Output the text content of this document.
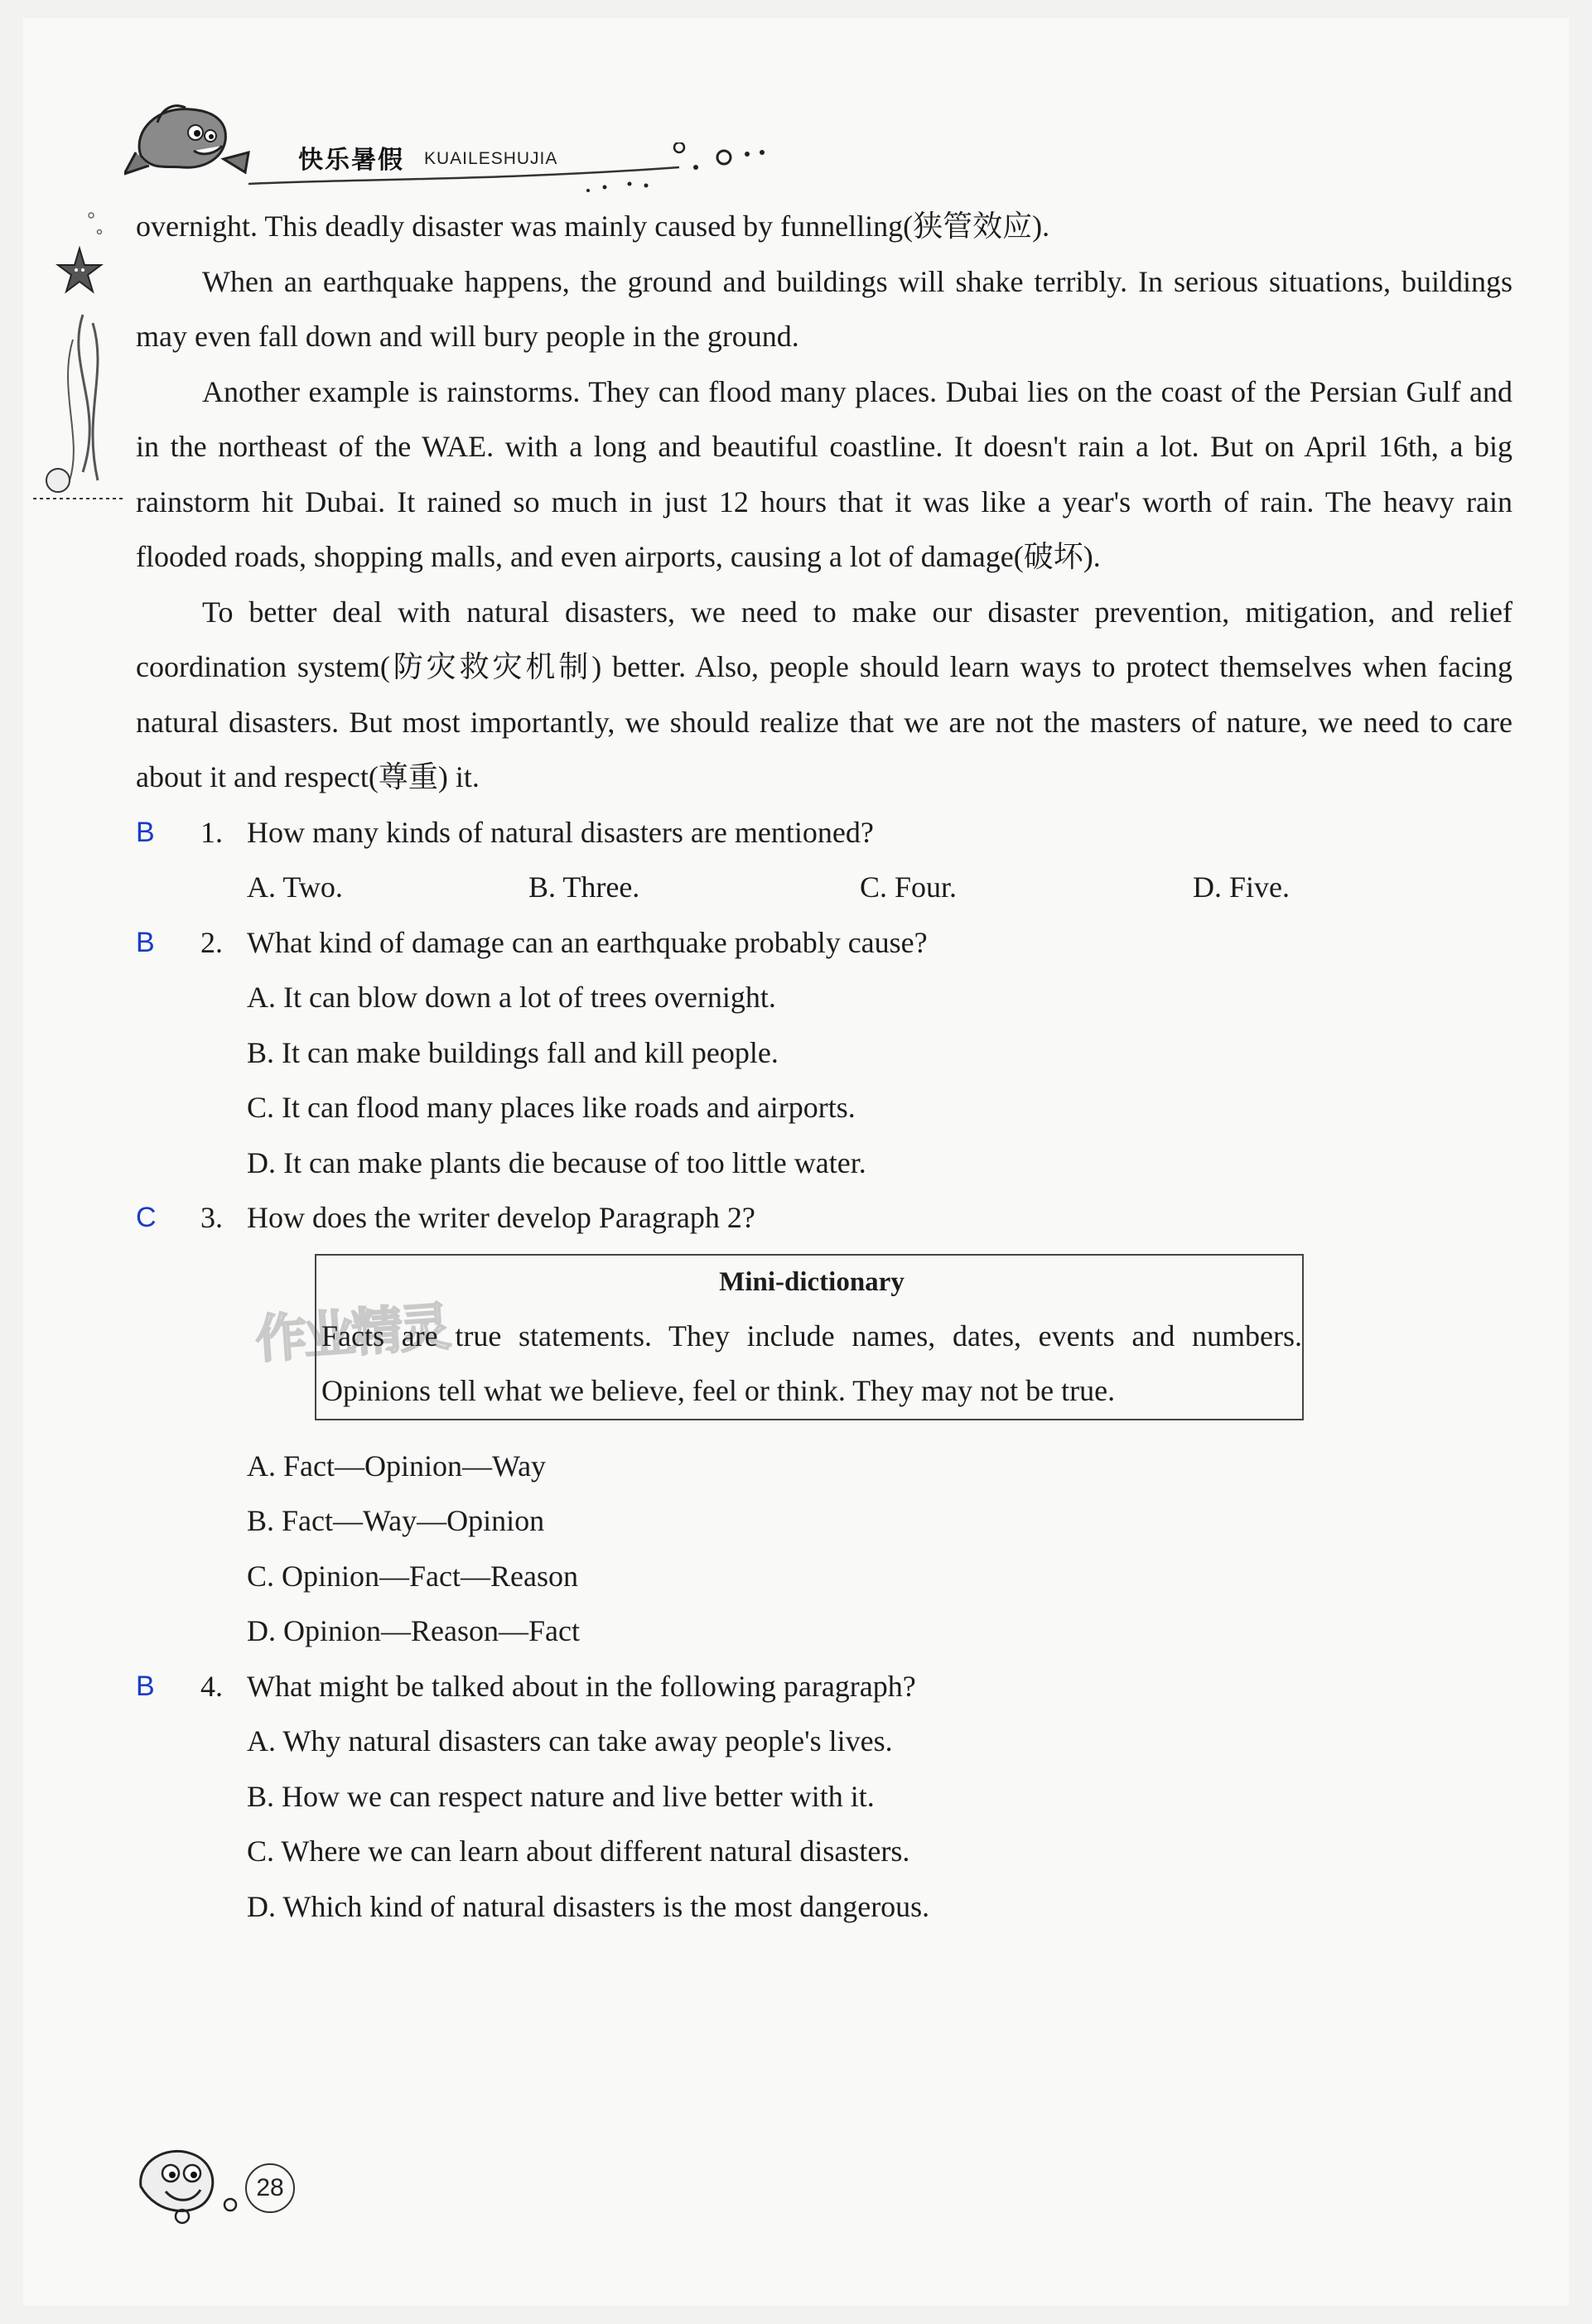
快乐暑假 KUAILESHUJIA
作业精灵

overnight. This deadly disaster was mainly caused by funnelling(狭管效应).

When an earthquake happens, the ground and buildings will shake terribly. In serious situations, buildings may even fall down and will bury people in the ground.

Another example is rainstorms. They can flood many places. Dubai lies on the coast of the Persian Gulf and in the northeast of the WAE. with a long and beautiful coastline. It doesn't rain a lot. But on April 16th, a big rainstorm hit Dubai. It rained so much in just 12 hours that it was like a year's worth of rain. The heavy rain flooded roads, shopping malls, and even airports, causing a lot of damage(破坏).

To better deal with natural disasters, we need to make our disaster prevention, mitigation, and relief coordination system(防灾救灾机制) better. Also, people should learn ways to protect themselves when facing natural disasters. But most importantly, we should realize that we are not the masters of nature, we need to care about it and respect(尊重) it.

B	1. How many kinds of natural disasters are mentioned?
A. Two.	B. Three.	C. Four.	D. Five.
B	2. What kind of damage can an earthquake probably cause?
A. It can blow down a lot of trees overnight.
B. It can make buildings fall and kill people.
C. It can flood many places like roads and airports.
D. It can make plants die because of too little water.
C	3. How does the writer develop Paragraph 2?
Mini-dictionary
Facts are true statements. They include names, dates, events and numbers. Opinions tell what we believe, feel or think. They may not be true.
A. Fact—Opinion—Way
B. Fact—Way—Opinion
C. Opinion—Fact—Reason
D. Opinion—Reason—Fact
B	4. What might be talked about in the following paragraph?
A. Why natural disasters can take away people's lives.
B. How we can respect nature and live better with it.
C. Where we can learn about different natural disasters.
D. Which kind of natural disasters is the most dangerous.
28
